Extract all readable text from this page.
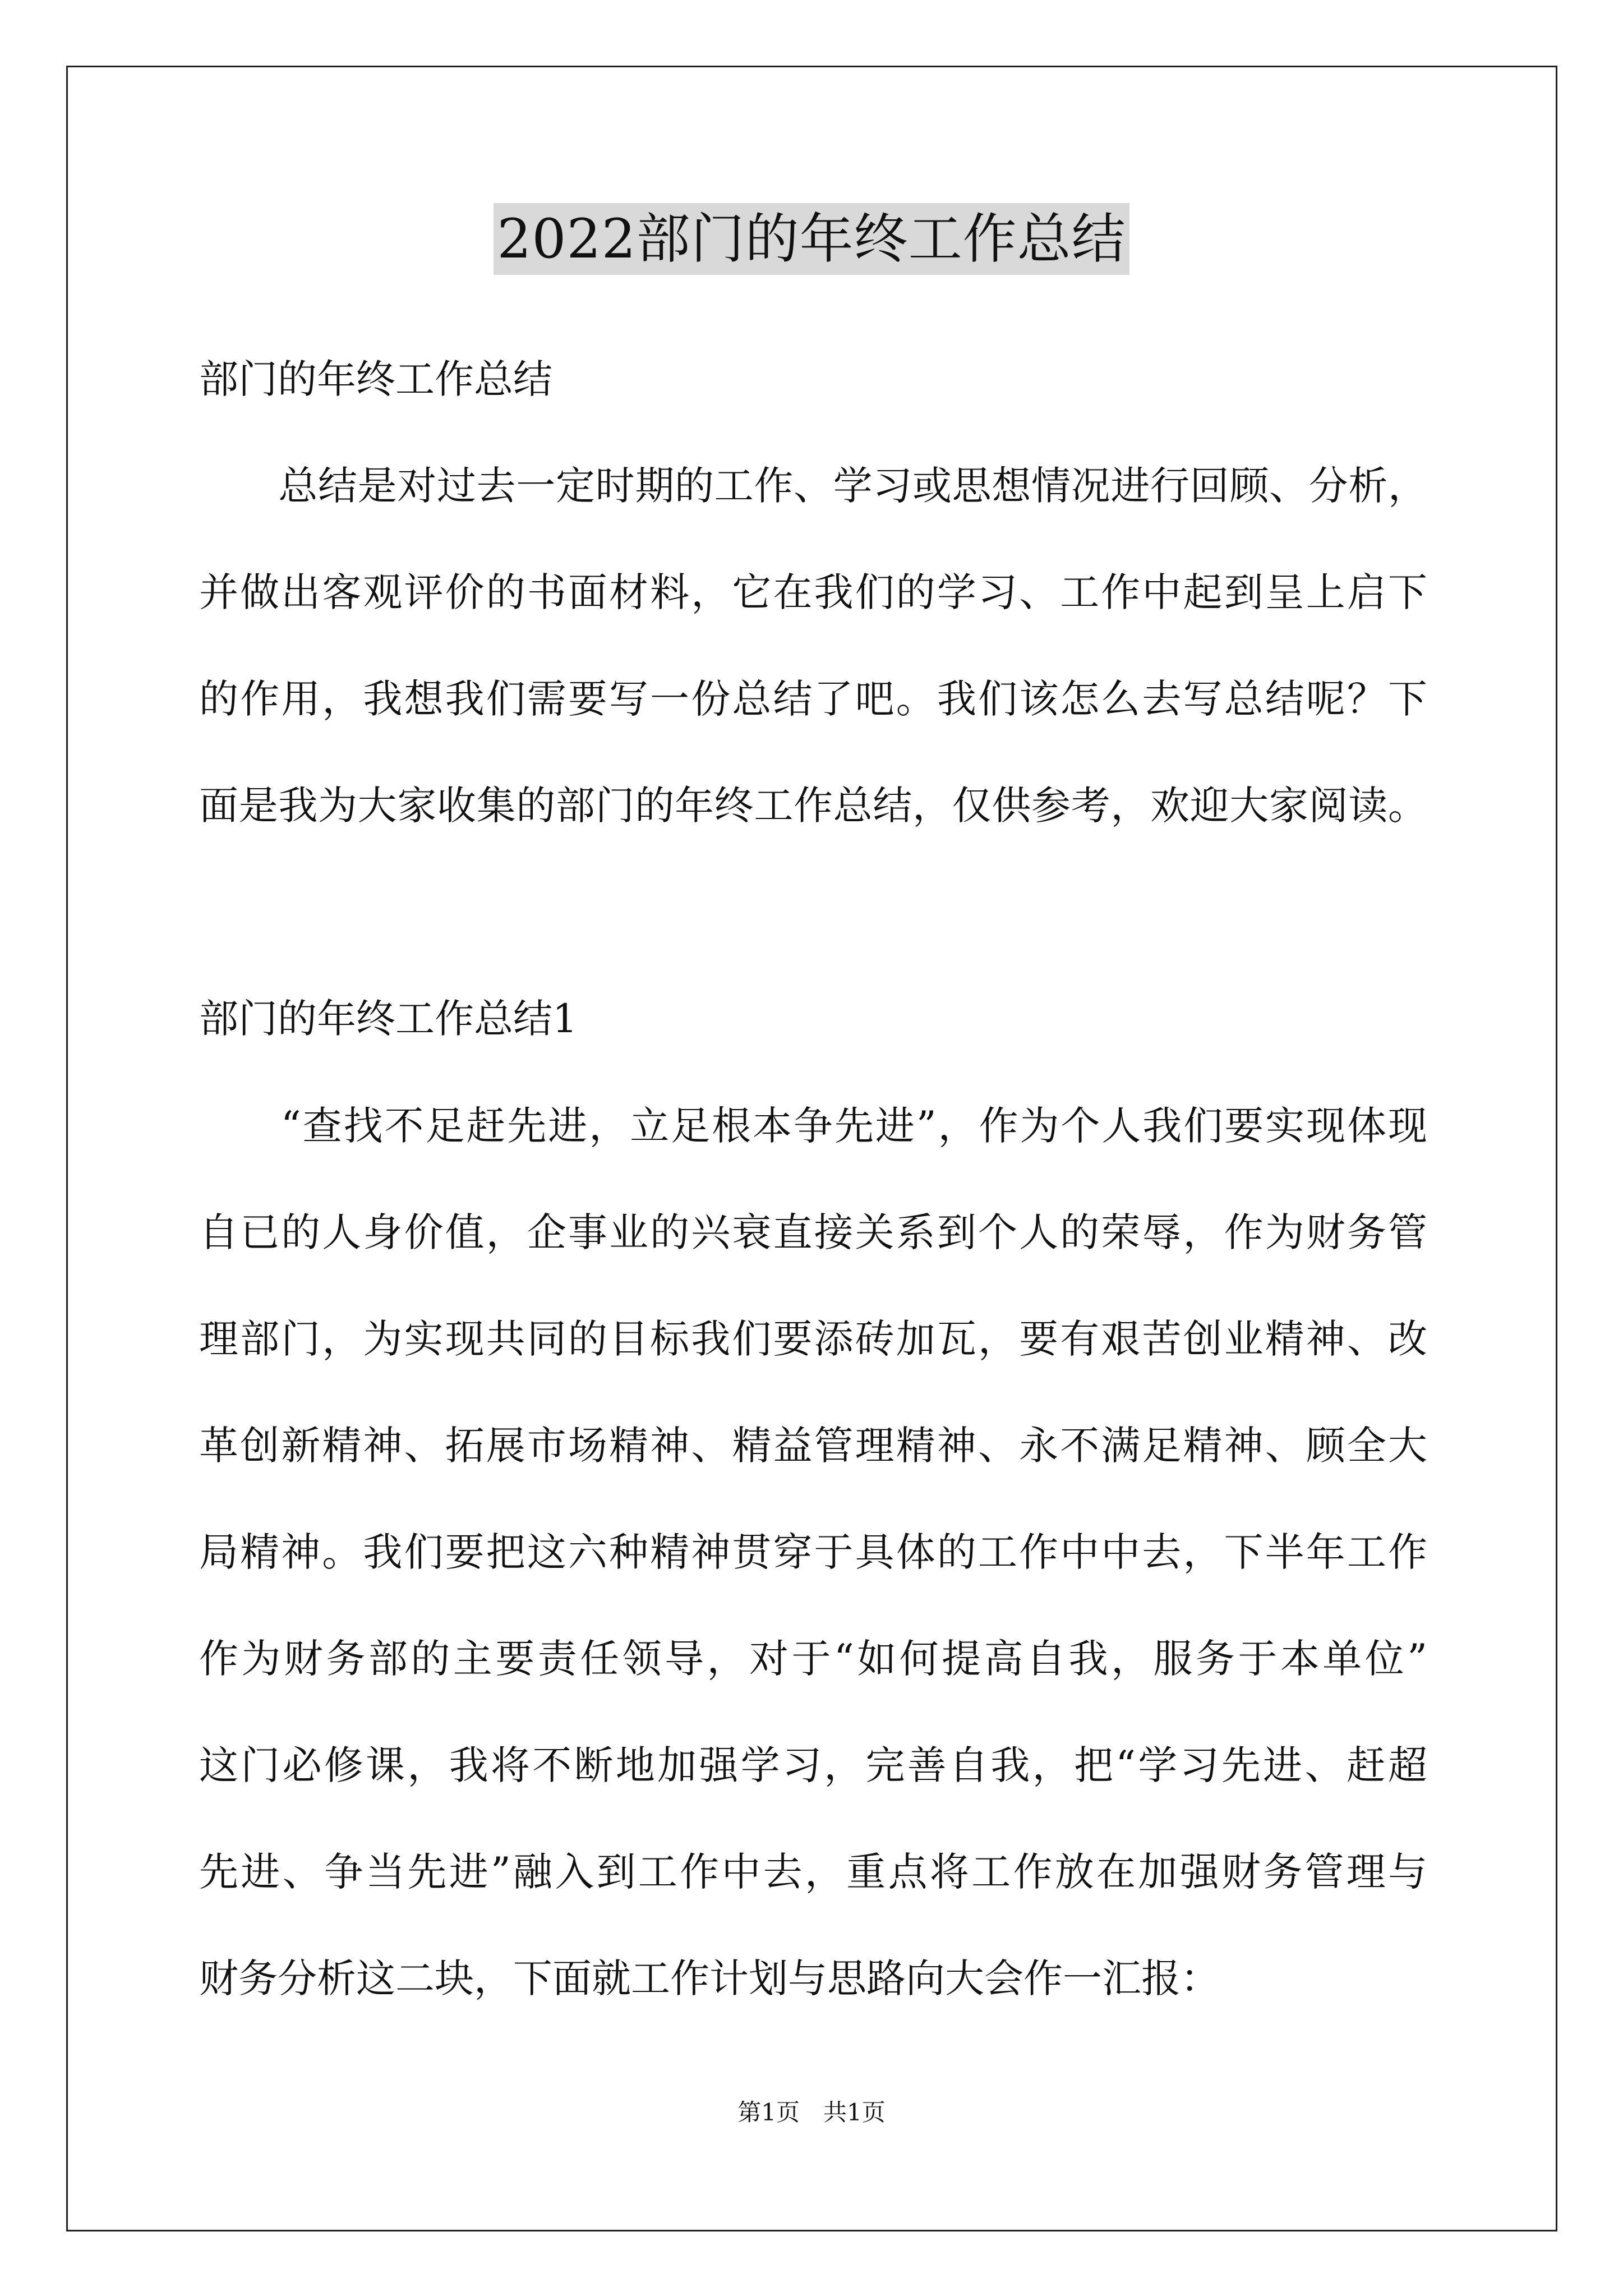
2022部门的年终工作总结
部门的年终工作总结
　　总结是对过去一定时期的工作、学习或思想情况进行回顾、分析，
并做出客观评价的书面材料，它在我们的学习、工作中起到呈上启下
的作用，我想我们需要写一份总结了吧。我们该怎么去写总结呢？下
面是我为大家收集的部门的年终工作总结，仅供参考，欢迎大家阅读。
部门的年终工作总结1
　　“查找不足赶先进，立足根本争先进”，作为个人我们要实现体现
自已的人身价值，企事业的兴衰直接关系到个人的荣辱，作为财务管
理部门，为实现共同的目标我们要添砖加瓦，要有艰苦创业精神、改
革创新精神、拓展市场精神、精益管理精神、永不满足精神、顾全大
局精神。我们要把这六种精神贯穿于具体的工作中中去，下半年工作
作为财务部的主要责任领导，对于“如何提高自我，服务于本单位”
这门必修课，我将不断地加强学习，完善自我，把“学习先进、赶超
先进、争当先进”融入到工作中去，重点将工作放在加强财务管理与
财务分析这二块，下面就工作计划与思路向大会作一汇报：
第1页　共1页
